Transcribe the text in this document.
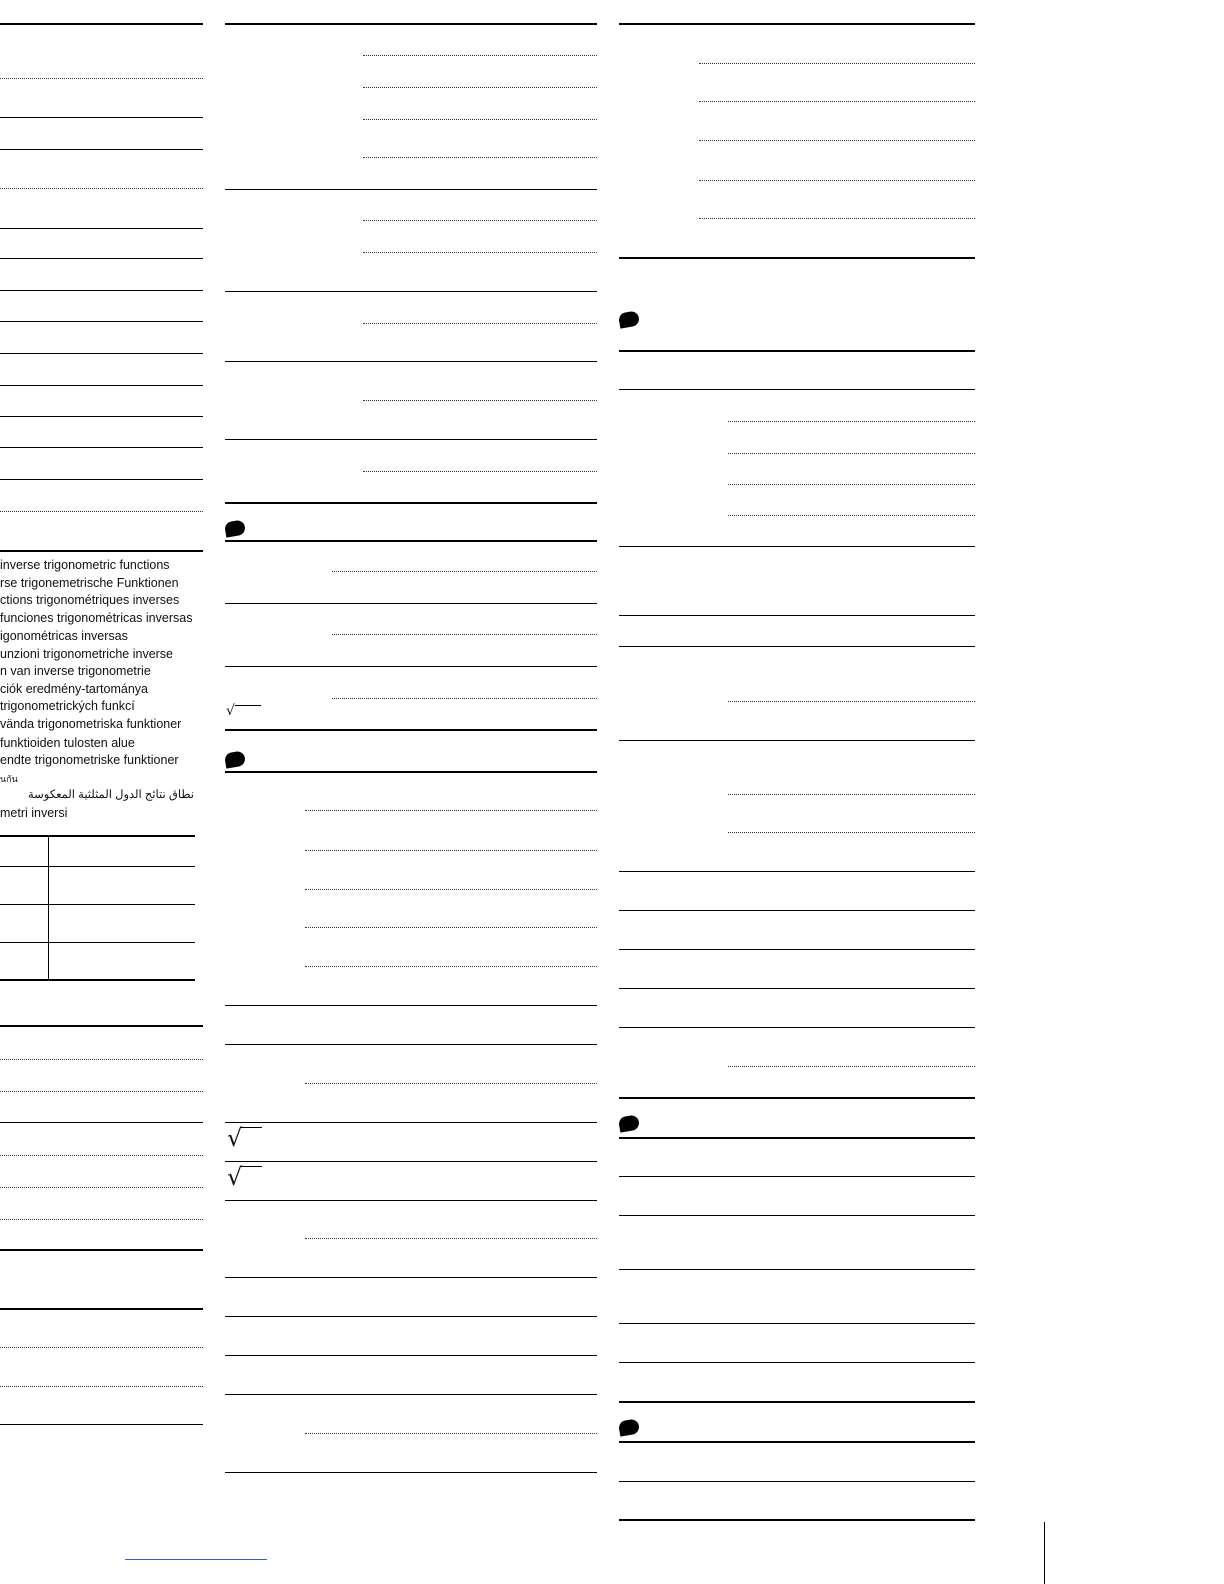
inverse trigonometric functions
rse trigonemetrische Funktionen
ctions trigonométriques inverses
funciones trigonométricas inversas
igonométricas inversas
unzioni trigonometriche inverse
n van inverse trigonometrie
ciók eredmény-tartománya
trigonometrických funkcí
vända trigonometriska funktioner
funktioiden tulosten alue
endte trigonometriske funktioner
นกัน
نطاق نتائج الدول المثلثية المعكوسة
metri inversi
√
√
√
